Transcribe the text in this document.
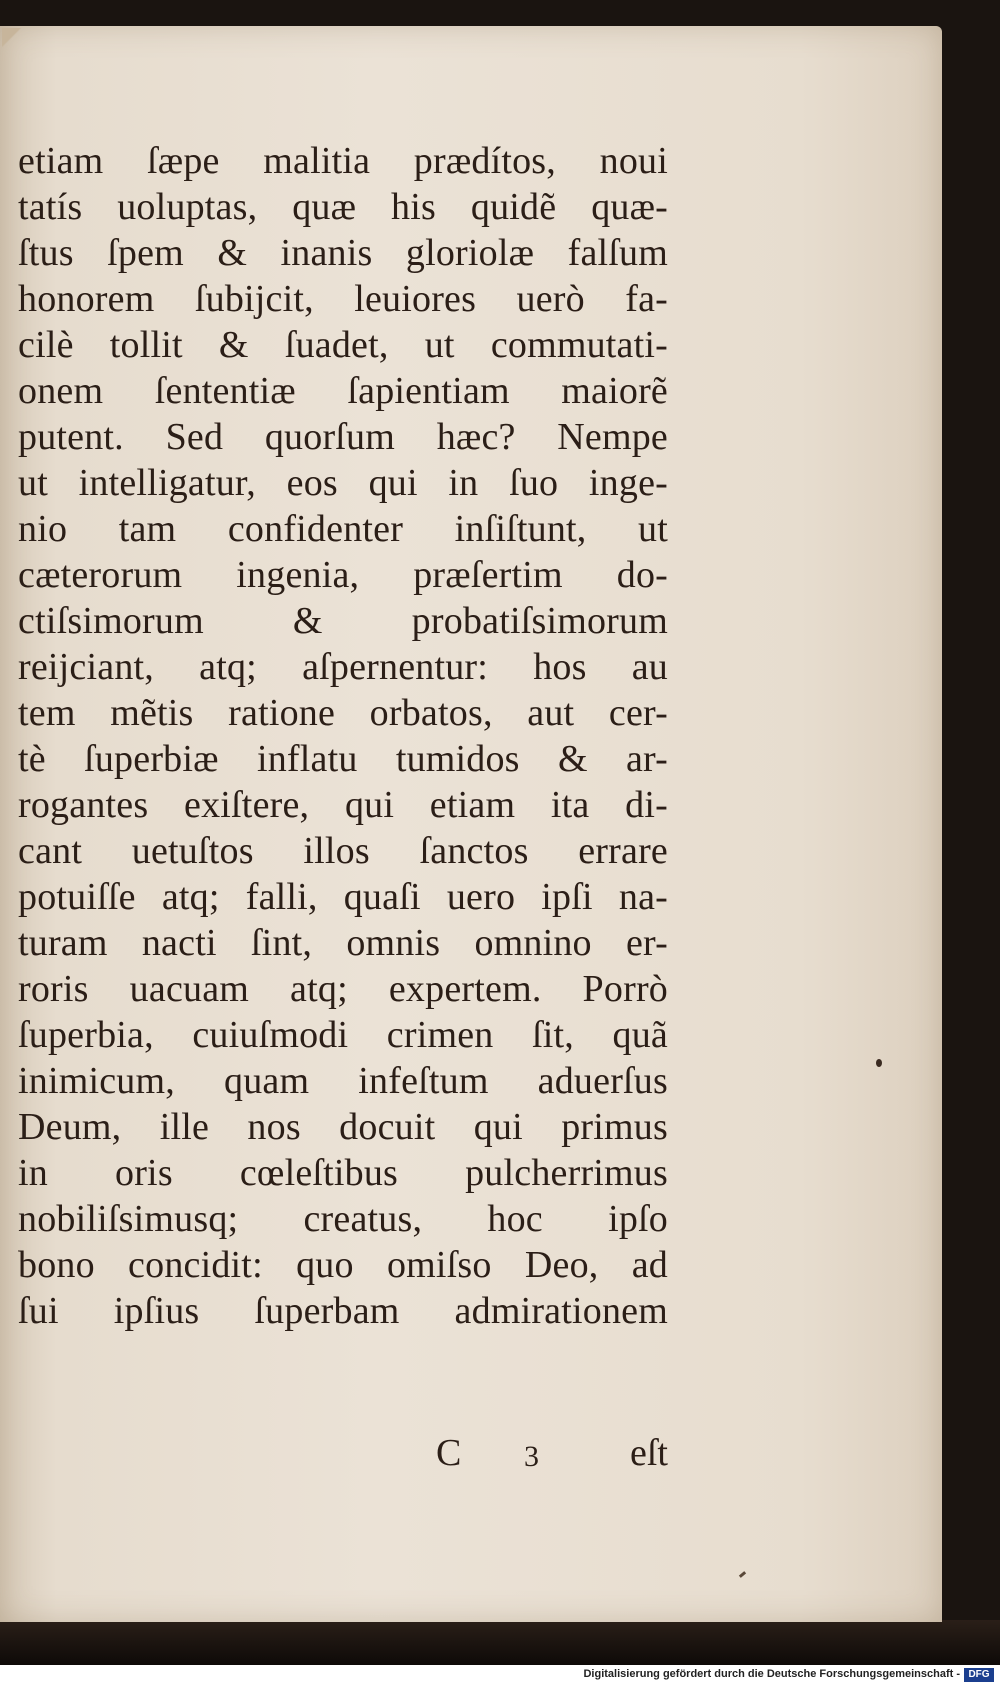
etiam ſæpe malitia prædítos, noui
tatís uoluptas, quæ his quidẽ quæ-
ſtus ſpem & inanis gloriolæ falſum
honorem ſubijcit, leuiores uerò fa-
cilè tollit & ſuadet, ut commutati-
onem ſententiæ ſapientiam maiorẽ
putent. Sed quorſum hæc? Nempe
ut intelligatur, eos qui in ſuo inge-
nio tam confidenter inſiſtunt, ut
cæterorum ingenia, præſertim do-
ctiſsimorum & probatiſsimorum
reijciant, atq; aſpernentur: hos au
tem mẽtis ratione orbatos, aut cer-
tè ſuperbiæ inflatu tumidos & ar-
rogantes exiſtere, qui etiam ita di-
cant uetuſtos illos ſanctos errare
potuiſſe atq; falli, quaſi uero ipſi na-
turam nacti ſint, omnis omnino er-
roris uacuam atq; expertem. Porrò
ſuperbia, cuiuſmodi crimen ſit, quã
inimicum, quam infeſtum aduerſus
Deum, ille nos docuit qui primus
in oris cœleſtibus pulcherrimus
nobiliſsimusq; creatus, hoc ipſo
bono concidit: quo omiſso Deo, ad
ſui ipſius ſuperbam admirationem
C 3 eſt
Digitalisierung gefördert durch die Deutsche Forschungsgemeinschaft - DFG
